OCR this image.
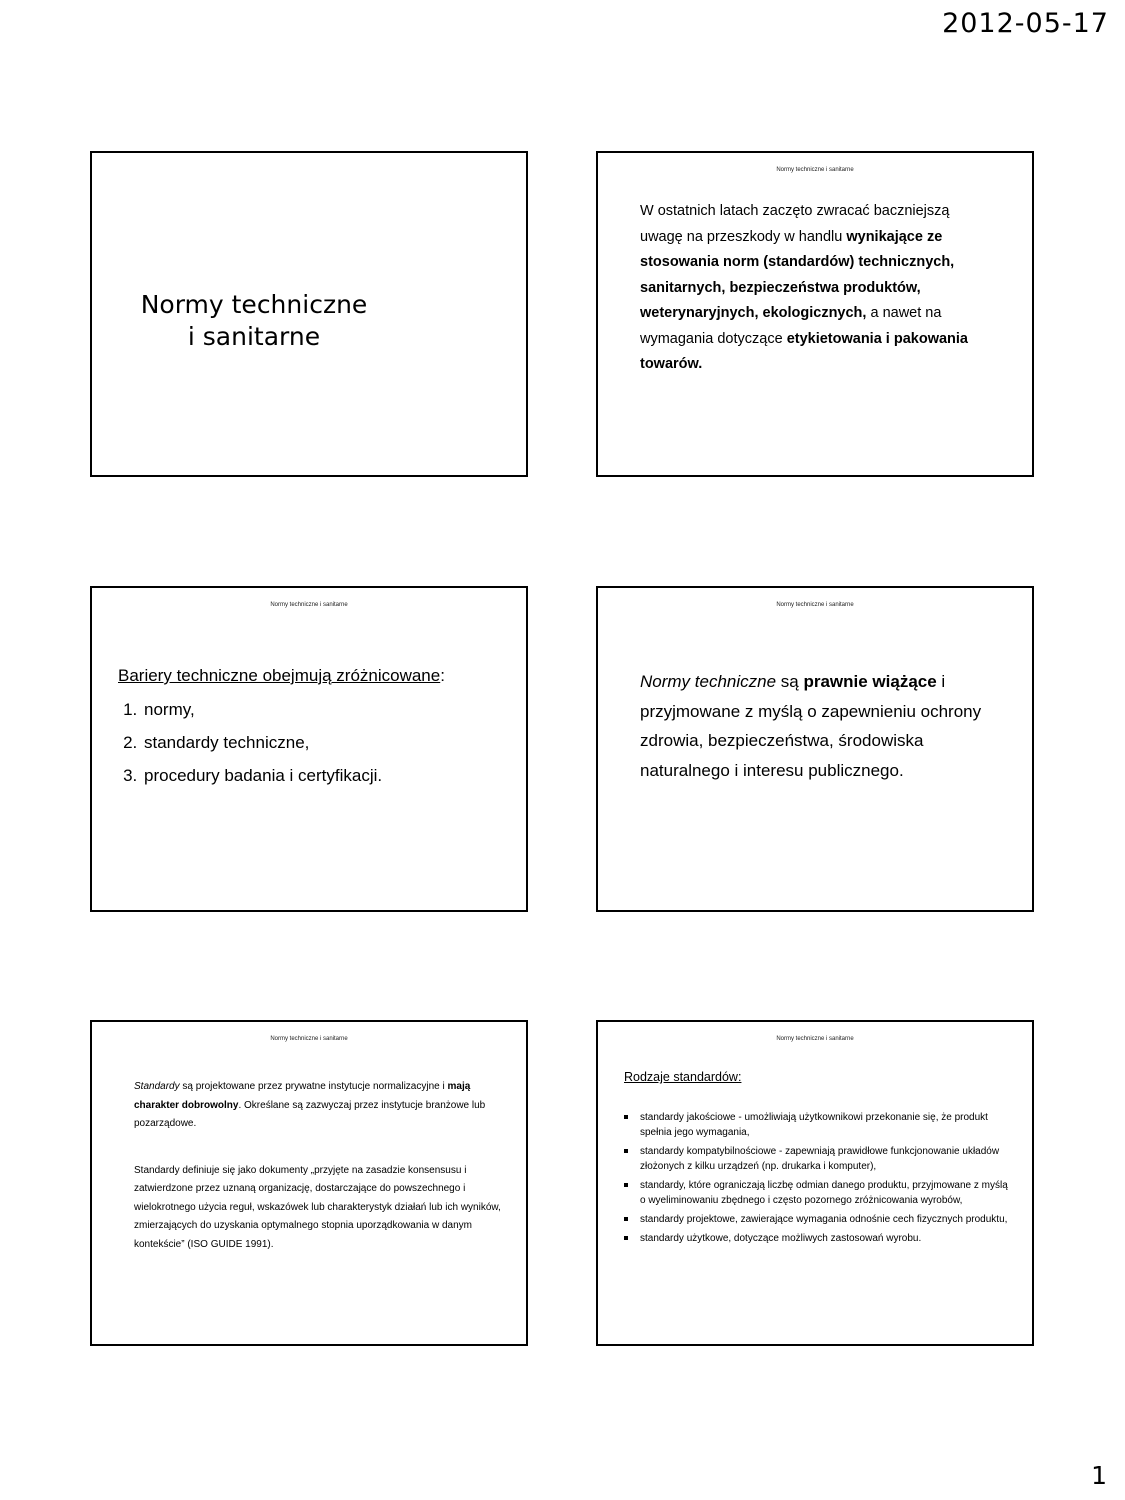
2012-05-17
Normy techniczne
i sanitarne
Normy techniczne i sanitarne
W ostatnich latach zaczęto zwracać baczniejszą uwagę na przeszkody w handlu wynikające ze stosowania norm (standardów) technicznych, sanitarnych, bezpieczeństwa produktów, weterynaryjnych, ekologicznych, a nawet na wymagania dotyczące etykietowania i pakowania towarów.
Normy techniczne i sanitarne

Bariery techniczne obejmują zróżnicowane:

1. normy,
2. standardy techniczne,
3. procedury badania i certyfikacji.
Normy techniczne i sanitarne
Normy techniczne są prawnie wiążące i przyjmowane z myślą o zapewnieniu ochrony zdrowia, bezpieczeństwa, środowiska naturalnego i interesu publicznego.
Normy techniczne i sanitarne

Standardy są projektowane przez prywatne instytucje normalizacyjne i mają charakter dobrowolny. Określane są zazwyczaj przez instytucje branżowe lub pozarządowe.

Standardy definiuje się jako dokumenty „przyjęte na zasadzie konsensusu i zatwierdzone przez uznaną organizację, dostarczające do powszechnego i wielokrotnego użycia reguł, wskazówek lub charakterystyk działań lub ich wyników, zmierzających do uzyskania optymalnego stopnia uporządkowania w danym kontekście” (ISO GUIDE 1991).

Normy techniczne i sanitarne
Rodzaje standardów:
standardy jakościowe - umożliwiają użytkownikowi przekonanie się, że produkt spełnia jego wymagania,
standardy kompatybilnościowe - zapewniają prawidłowe funkcjonowanie układów złożonych z kilku urządzeń (np. drukarka i komputer),
standardy, które ograniczają liczbę odmian danego produktu, przyjmowane z myślą o wyeliminowaniu zbędnego i często pozornego zróżnicowania wyrobów,
standardy projektowe, zawierające wymagania odnośnie cech fizycznych produktu,
standardy użytkowe, dotyczące możliwych zastosowań wyrobu.
1
